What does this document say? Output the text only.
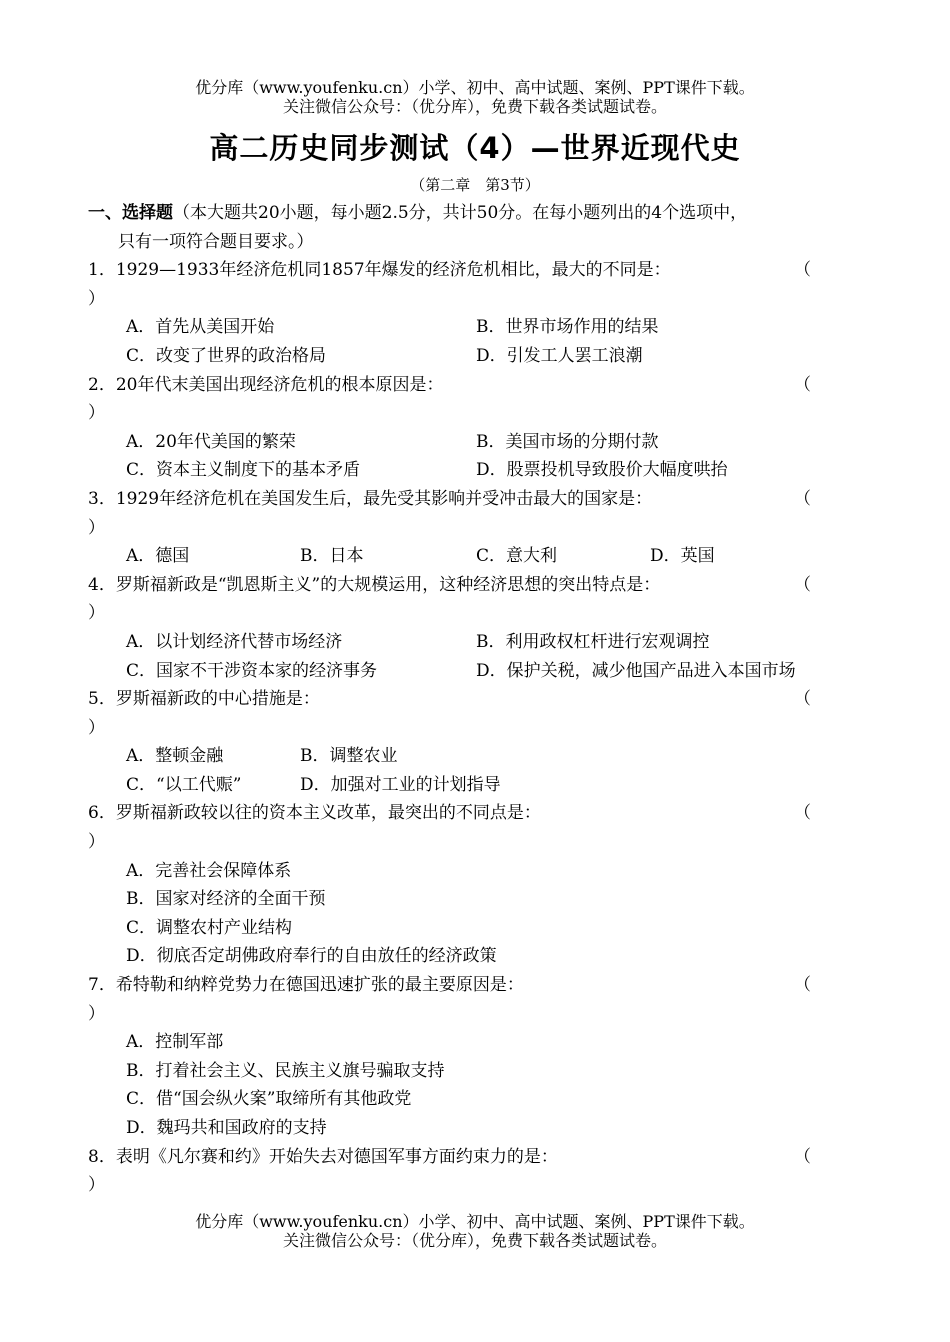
优分库（www.youfenku.cn）小学、初中、高中试题、案例、PPT课件下载。
关注微信公众号：（优分库），免费下载各类试题试卷。
高二历史同步测试（4）—世界近现代史
（第二章　第3节）
一、选择题（本大题共20小题，每小题2.5分，共计50分。在每小题列出的4个选项中，
只有一项符合题目要求。）
1．1929—1933年经济危机同1857年爆发的经济危机相比，最大的不同是：	（
）
A．首先从美国开始	B．世界市场作用的结果
C．改变了世界的政治格局	D．引发工人罢工浪潮
2．20年代末美国出现经济危机的根本原因是：	（
）
A．20年代美国的繁荣	B．美国市场的分期付款
C．资本主义制度下的基本矛盾	D．股票投机导致股价大幅度哄抬
3．1929年经济危机在美国发生后，最先受其影响并受冲击最大的国家是：	（
）
A．德国	B．日本	C．意大利	D．英国
4．罗斯福新政是“凯恩斯主义”的大规模运用，这种经济思想的突出特点是：	（
）
A．以计划经济代替市场经济	B．利用政权杠杆进行宏观调控
C．国家不干涉资本家的经济事务	D．保护关税，减少他国产品进入本国市场
5．罗斯福新政的中心措施是：	（
）
A．整顿金融	B．调整农业
C．“以工代赈”	D．加强对工业的计划指导
6．罗斯福新政较以往的资本主义改革，最突出的不同点是：	（
）
A．完善社会保障体系
B．国家对经济的全面干预
C．调整农村产业结构
D．彻底否定胡佛政府奉行的自由放任的经济政策
7．希特勒和纳粹党势力在德国迅速扩张的最主要原因是：	（
）
A．控制军部
B．打着社会主义、民族主义旗号骗取支持
C．借“国会纵火案”取缔所有其他政党
D．魏玛共和国政府的支持
8．表明《凡尔赛和约》开始失去对德国军事方面约束力的是：	（
）
优分库（www.youfenku.cn）小学、初中、高中试题、案例、PPT课件下载。
关注微信公众号：（优分库），免费下载各类试题试卷。
